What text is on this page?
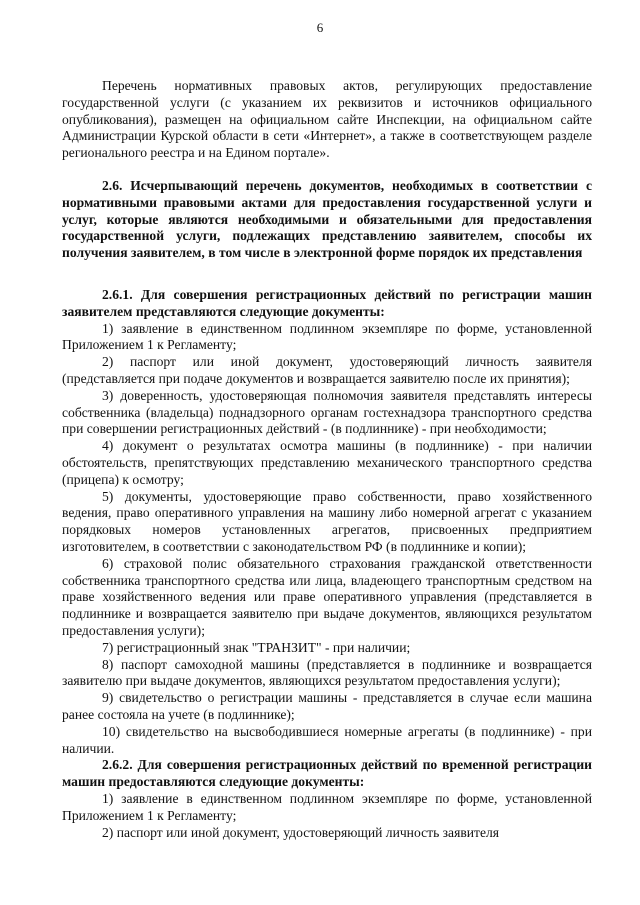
6

Перечень нормативных правовых актов, регулирующих предоставление государственной услуги (с указанием их реквизитов и источников официального опубликования), размещен на официальном сайте Инспекции, на официальном сайте Администрации Курской области в сети «Интернет», а также в соответствующем разделе регионального реестра и на Едином портале».

2.6. Исчерпывающий перечень документов, необходимых в соответствии с нормативными правовыми актами для предоставления государственной услуги и услуг, которые являются необходимыми и обязательными для предоставления государственной услуги, подлежащих представлению заявителем, способы их получения заявителем, в том числе в электронной форме порядок их представления

2.6.1. Для совершения регистрационных действий по регистрации машин заявителем представляются следующие документы:

1) заявление в единственном подлинном экземпляре по форме, установленной Приложением 1 к Регламенту;

2) паспорт или иной документ, удостоверяющий личность заявителя (представляется при подаче документов и возвращается заявителю после их принятия);

3) доверенность, удостоверяющая полномочия заявителя представлять интересы собственника (владельца) поднадзорного органам гостехнадзора транспортного средства при совершении регистрационных действий - (в подлиннике) - при необходимости;

4) документ о результатах осмотра машины (в подлиннике) - при наличии обстоятельств, препятствующих представлению механического транспортного средства (прицепа) к осмотру;

5) документы, удостоверяющие право собственности, право хозяйственного ведения, право оперативного управления на машину либо номерной агрегат с указанием порядковых номеров установленных агрегатов, присвоенных предприятием изготовителем, в соответствии с законодательством РФ (в подлиннике и копии);

6) страховой полис обязательного страхования гражданской ответственности собственника транспортного средства или лица, владеющего транспортным средством на праве хозяйственного ведения или праве оперативного управления (представляется в подлиннике и возвращается заявителю при выдаче документов, являющихся результатом предоставления услуги);

7) регистрационный знак "ТРАНЗИТ" - при наличии;

8) паспорт самоходной машины (представляется в подлиннике и возвращается заявителю при выдаче документов, являющихся результатом предоставления услуги);

9) свидетельство о регистрации машины - представляется в случае если машина ранее состояла на учете (в подлиннике);

10) свидетельство на высвободившиеся номерные агрегаты (в подлиннике) - при наличии.

2.6.2. Для совершения регистрационных действий по временной регистрации машин предоставляются следующие документы:

1) заявление в единственном подлинном экземпляре по форме, установленной Приложением 1 к Регламенту;

2) паспорт или иной документ, удостоверяющий личность заявителя
